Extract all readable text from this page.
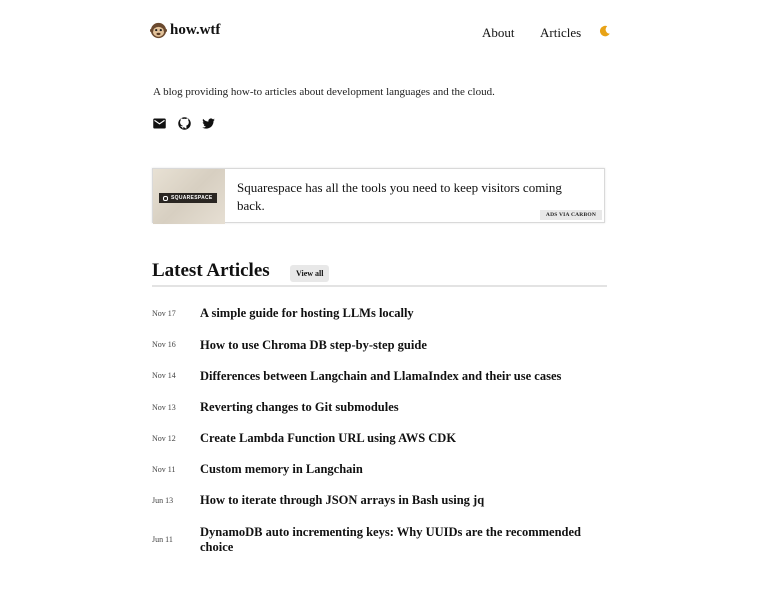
how.wtf	About Articles
A blog providing how-to articles about development languages and the cloud.
SQUARESPACE
Squarespace has all the tools you need to keep visitors coming back.
ADS VIA CARBON
Latest Articles	View all
Nov 17 A simple guide for hosting LLMs locally
Nov 16 How to use Chroma DB step-by-step guide
Nov 14 Differences between Langchain and LlamaIndex and their use cases
Nov 13 Reverting changes to Git submodules
Nov 12 Create Lambda Function URL using AWS CDK
Nov 11 Custom memory in Langchain
Jun 13 How to iterate through JSON arrays in Bash using jq
Jun 11
DynamoDB auto incrementing keys: Why UUIDs are the recommended choice
